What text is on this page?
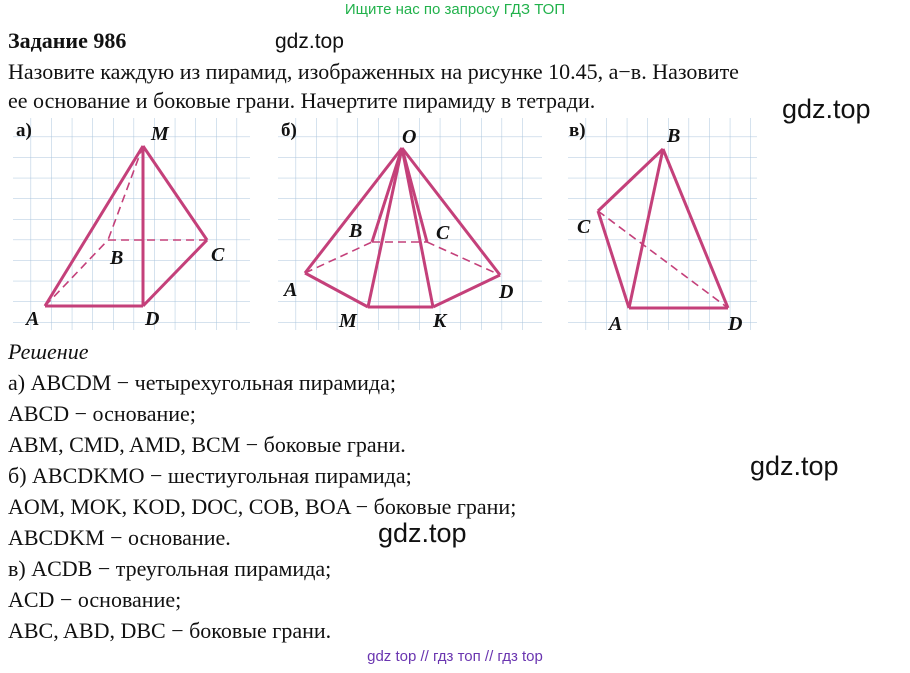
Ищите нас по запросу ГДЗ ТОП
Задание 986	gdz.top
gdz.top
gdz.top
gdz.top
Назовите каждую из пирамид, изображенных на рисунке 10.45, а−в. Назовите
ее основание и боковые грани. Начертите пирамиду в тетради.
а)	M
B	C
A	D
б)	O
B	C
A	D
M	K
в)	B
C
A	D
Решение
а) ABCDM − четырехугольная пирамида;
ABCD − основание;
ABM, CMD, AMD, BCM − боковые грани.
б) ABCDKMO − шестиугольная пирамида;
AOM, MOK, KOD, DOC, COB, BOA − боковые грани;
ABCDKM − основание.
в) ACDB − треугольная пирамида;
ACD − основание;
ABC, ABD, DBC − боковые грани.
gdz top // гдз топ // гдз top
